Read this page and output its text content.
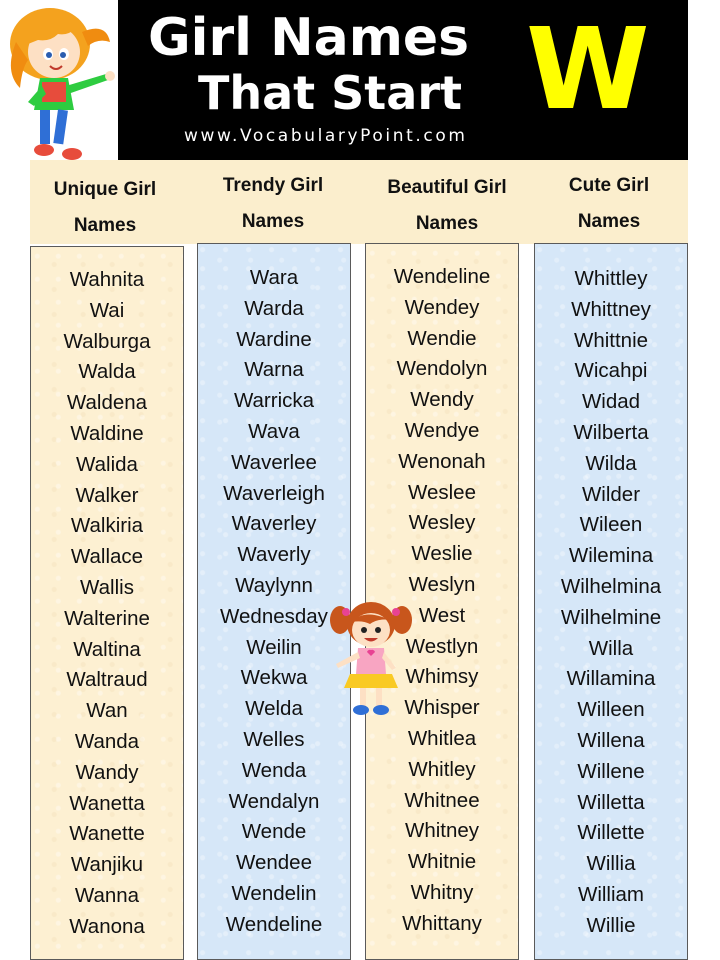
Girl Names
That Start W
www.VocabularyPoint.com
Unique Girl
Names
Trendy Girl
Names
Beautiful Girl
Names
Cute Girl
Names
Wahnita
Wai
Walburga
Walda
Waldena
Waldine
Walida
Walker
Walkiria
Wallace
Wallis
Walterine
Waltina
Waltraud
Wan
Wanda
Wandy
Wanetta
Wanette
Wanjiku
Wanna
Wanona
Wara
Warda
Wardine
Warna
Warricka
Wava
Waverlee
Waverleigh
Waverley
Waverly
Waylynn
Wednesday
Weilin
Wekwa
Welda
Welles
Wenda
Wendalyn
Wende
Wendee
Wendelin
Wendeline
Wendeline
Wendey
Wendie
Wendolyn
Wendy
Wendye
Wenonah
Weslee
Wesley
Weslie
Weslyn
West
Westlyn
Whimsy
Whisper
Whitlea
Whitley
Whitnee
Whitney
Whitnie
Whitny
Whittany
Whittley
Whittney
Whittnie
Wicahpi
Widad
Wilberta
Wilda
Wilder
Wileen
Wilemina
Wilhelmina
Wilhelmine
Willa
Willamina
Willeen
Willena
Willene
Willetta
Willette
Willia
William
Willie
